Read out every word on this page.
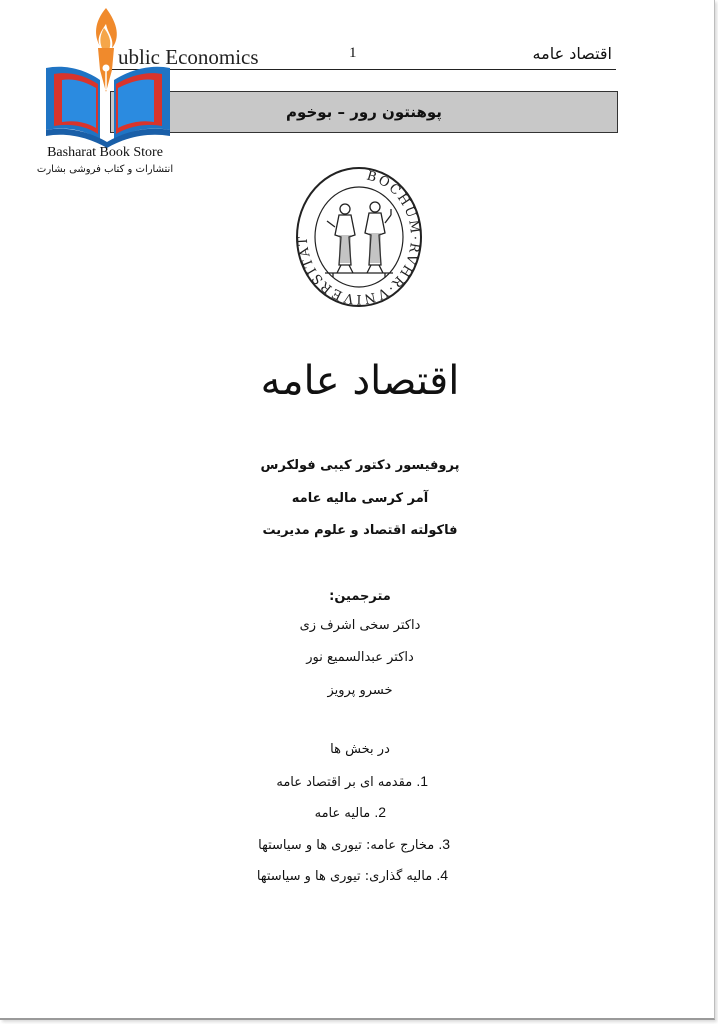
ublic Economics	1	اقتصاد عامه
پوهنتون رور – بوخوم
Basharat Book Store
انتشارات و کتاب فروشی بشارت	BOCHUM·RVHR·VNIVERSITAT
اقتصاد عامه
پروفیسور دکتور کیبی فولکرس
آمر کرسی مالیه عامه
فاکولته اقتصاد و علوم مدیریت
مترجمین:
داکتر سخی اشرف زی
داکتر عبدالسمیع نور
خسرو پرویز
در بخش ها
1. مقدمه ای بر اقتصاد عامه
2. مالیه عامه
3. مخارج عامه: تیوری ها و سیاستها
4. مالیه گذاری: تیوری ها و سیاستها
